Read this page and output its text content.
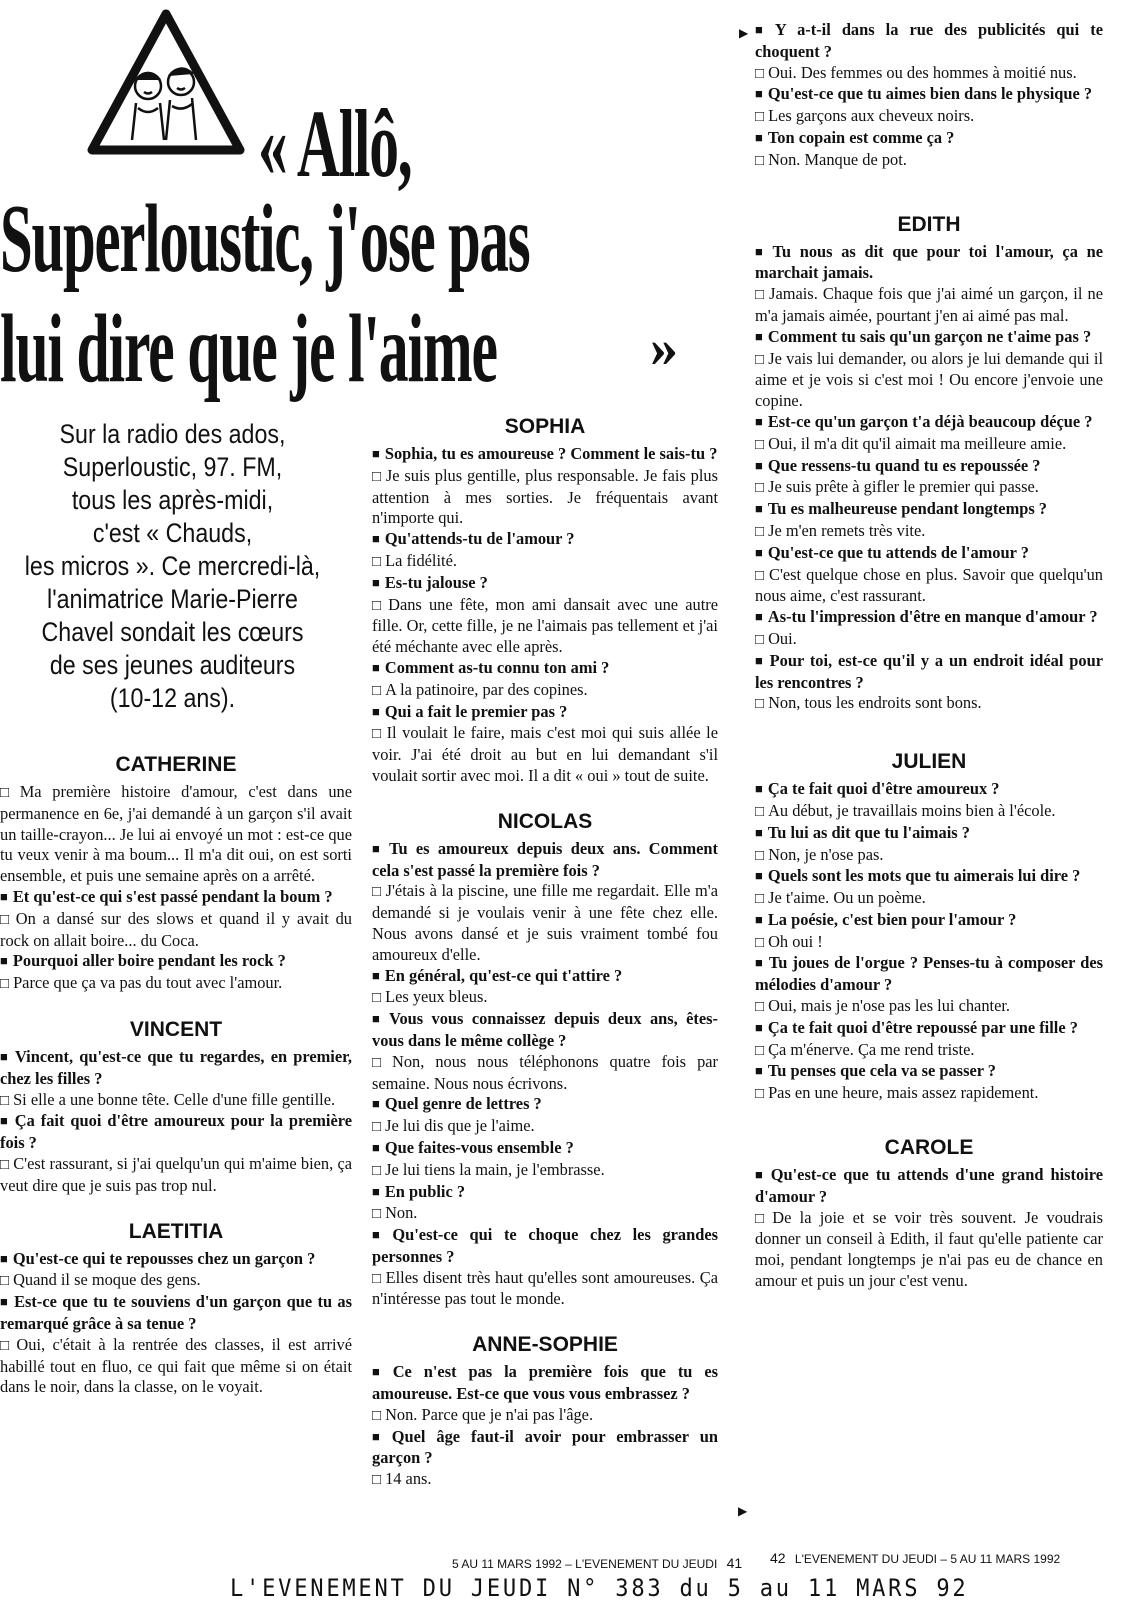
« Allô,
Superloustic, j'ose pas
lui dire que je l'aime	»
Sur la radio des ados,
Superloustic, 97. FM,
tous les après-midi,
c'est « Chauds,
les micros ». Ce mercredi-là,
l'animatrice Marie-Pierre
Chavel sondait les cœurs
de ses jeunes auditeurs
(10-12 ans).
CATHERINE
□ Ma première histoire d'amour, c'est dans une permanence en 6e, j'ai demandé à un garçon s'il avait un taille-crayon... Je lui ai envoyé un mot : est-ce que tu veux venir à ma boum... Il m'a dit oui, on est sorti ensemble, et puis une semaine après on a arrêté.
■ Et qu'est-ce qui s'est passé pendant la boum ?
□ On a dansé sur des slows et quand il y avait du rock on allait boire... du Coca.
■ Pourquoi aller boire pendant les rock ?
□ Parce que ça va pas du tout avec l'amour.
VINCENT
■ Vincent, qu'est-ce que tu regardes, en premier, chez les filles ?
□ Si elle a une bonne tête. Celle d'une fille gentille.
■ Ça fait quoi d'être amoureux pour la première fois ?
□ C'est rassurant, si j'ai quelqu'un qui m'aime bien, ça veut dire que je suis pas trop nul.
LAETITIA
■ Qu'est-ce qui te repousses chez un garçon ?
□ Quand il se moque des gens.
■ Est-ce que tu te souviens d'un garçon que tu as remarqué grâce à sa tenue ?
□ Oui, c'était à la rentrée des classes, il est arrivé habillé tout en fluo, ce qui fait que même si on était dans le noir, dans la classe, on le voyait.
SOPHIA
■ Sophia, tu es amoureuse ? Comment le sais-tu ?
□ Je suis plus gentille, plus responsable. Je fais plus attention à mes sorties. Je fréquentais avant n'importe qui.
■ Qu'attends-tu de l'amour ?
□ La fidélité.
■ Es-tu jalouse ?
□ Dans une fête, mon ami dansait avec une autre fille. Or, cette fille, je ne l'aimais pas tellement et j'ai été méchante avec elle après.
■ Comment as-tu connu ton ami ?
□ A la patinoire, par des copines.
■ Qui a fait le premier pas ?
□ Il voulait le faire, mais c'est moi qui suis allée le voir. J'ai été droit au but en lui demandant s'il voulait sortir avec moi. Il a dit « oui » tout de suite.
NICOLAS
■ Tu es amoureux depuis deux ans. Comment cela s'est passé la première fois ?
□ J'étais à la piscine, une fille me regardait. Elle m'a demandé si je voulais venir à une fête chez elle. Nous avons dansé et je suis vraiment tombé fou amoureux d'elle.
■ En général, qu'est-ce qui t'attire ?
□ Les yeux bleus.
■ Vous vous connaissez depuis deux ans, êtes-vous dans le même collège ?
□ Non, nous nous téléphonons quatre fois par semaine. Nous nous écrivons.
■ Quel genre de lettres ?
□ Je lui dis que je l'aime.
■ Que faites-vous ensemble ?
□ Je lui tiens la main, je l'embrasse.
■ En public ?
□ Non.
■ Qu'est-ce qui te choque chez les grandes personnes ?
□ Elles disent très haut qu'elles sont amoureuses. Ça n'intéresse pas tout le monde.
ANNE-SOPHIE
■ Ce n'est pas la première fois que tu es amoureuse. Est-ce que vous vous embrassez ?
□ Non. Parce que je n'ai pas l'âge.
■ Quel âge faut-il avoir pour embrasser un garçon ?
□ 14 ans.
▶
▶
■ Y a-t-il dans la rue des publicités qui te choquent ?
□ Oui. Des femmes ou des hommes à moitié nus.
■ Qu'est-ce que tu aimes bien dans le physique ?
□ Les garçons aux cheveux noirs.
■ Ton copain est comme ça ?
□ Non. Manque de pot.
EDITH
■ Tu nous as dit que pour toi l'amour, ça ne marchait jamais.
□ Jamais. Chaque fois que j'ai aimé un garçon, il ne m'a jamais aimée, pourtant j'en ai aimé pas mal.
■ Comment tu sais qu'un garçon ne t'aime pas ?
□ Je vais lui demander, ou alors je lui demande qui il aime et je vois si c'est moi ! Ou encore j'envoie une copine.
■ Est-ce qu'un garçon t'a déjà beaucoup déçue ?
□ Oui, il m'a dit qu'il aimait ma meilleure amie.
■ Que ressens-tu quand tu es repoussée ?
□ Je suis prête à gifler le premier qui passe.
■ Tu es malheureuse pendant longtemps ?
□ Je m'en remets très vite.
■ Qu'est-ce que tu attends de l'amour ?
□ C'est quelque chose en plus. Savoir que quelqu'un nous aime, c'est rassurant.
■ As-tu l'impression d'être en manque d'amour ?
□ Oui.
■ Pour toi, est-ce qu'il y a un endroit idéal pour les rencontres ?
□ Non, tous les endroits sont bons.
JULIEN
■ Ça te fait quoi d'être amoureux ?
□ Au début, je travaillais moins bien à l'école.
■ Tu lui as dit que tu l'aimais ?
□ Non, je n'ose pas.
■ Quels sont les mots que tu aimerais lui dire ?
□ Je t'aime. Ou un poème.
■ La poésie, c'est bien pour l'amour ?
□ Oh oui !
■ Tu joues de l'orgue ? Penses-tu à composer des mélodies d'amour ?
□ Oui, mais je n'ose pas les lui chanter.
■ Ça te fait quoi d'être repoussé par une fille ?
□ Ça m'énerve. Ça me rend triste.
■ Tu penses que cela va se passer ?
□ Pas en une heure, mais assez rapidement.
CAROLE
■ Qu'est-ce que tu attends d'une grand histoire d'amour ?
□ De la joie et se voir très souvent. Je voudrais donner un conseil à Edith, il faut qu'elle patiente car moi, pendant longtemps je n'ai pas eu de chance en amour et puis un jour c'est venu.
5 AU 11 MARS 1992 – L'EVENEMENT DU JEUDI 41 42 L'EVENEMENT DU JEUDI – 5 AU 11 MARS 1992
L'EVENEMENT DU JEUDI N° 383 du 5 au 11 MARS 92
